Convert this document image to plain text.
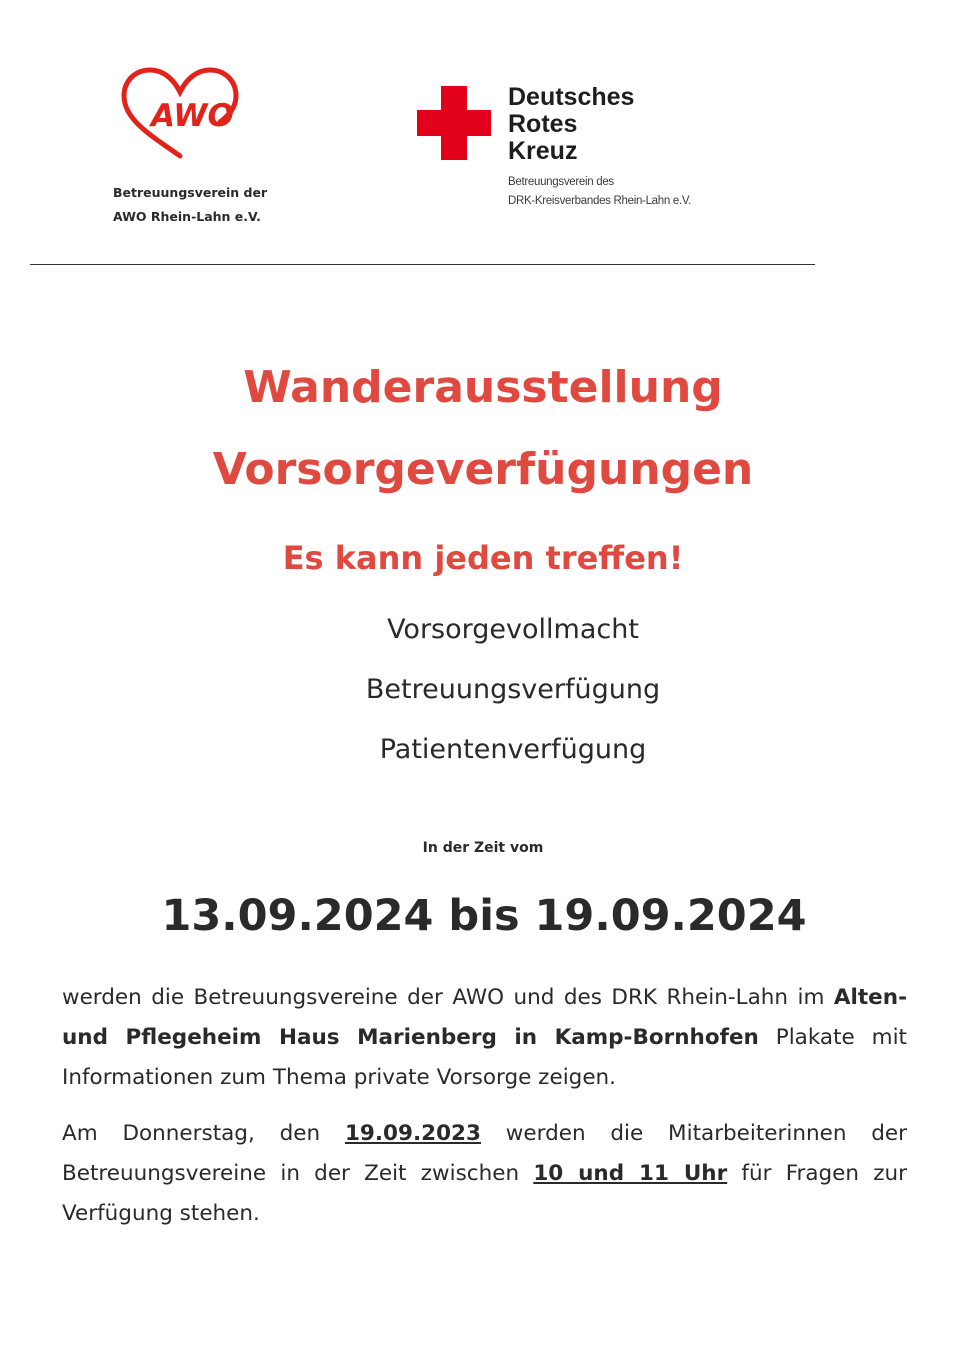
AWO
Betreuungsverein der
AWO Rhein-Lahn e.V.
Deutsches
Rotes
Kreuz
Betreuungsverein des
DRK-Kreisverbandes Rhein-Lahn e.V.
Wanderausstellung
Vorsorgeverfügungen
Es kann jeden treffen!
Vorsorgevollmacht
Betreuungsverfügung
Patientenverfügung
In der Zeit vom
13.09.2024 bis 19.09.2024
werden die Betreuungsvereine der AWO und des DRK Rhein-Lahn im Alten- und Pflegeheim Haus Marienberg in Kamp-Bornhofen Plakate mit Informationen zum Thema private Vorsorge zeigen.
Am Donnerstag, den 19.09.2023 werden die Mitarbeiterinnen der Betreuungsvereine in der Zeit zwischen 10 und 11 Uhr für Fragen zur Verfügung stehen.
